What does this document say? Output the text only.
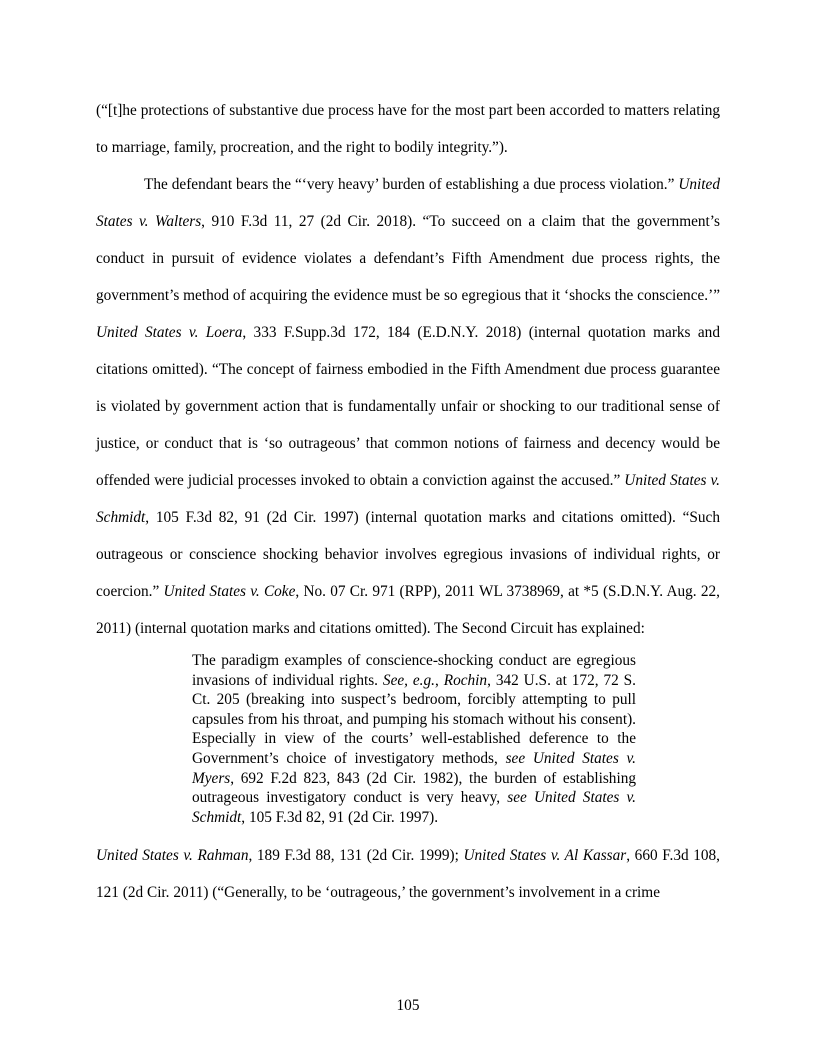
(“[t]he protections of substantive due process have for the most part been accorded to matters relating to marriage, family, procreation, and the right to bodily integrity.”).

The defendant bears the “‘very heavy’ burden of establishing a due process violation.” United States v. Walters, 910 F.3d 11, 27 (2d Cir. 2018). “To succeed on a claim that the government’s conduct in pursuit of evidence violates a defendant’s Fifth Amendment due process rights, the government’s method of acquiring the evidence must be so egregious that it ‘shocks the conscience.’” United States v. Loera, 333 F.Supp.3d 172, 184 (E.D.N.Y. 2018) (internal quotation marks and citations omitted). “The concept of fairness embodied in the Fifth Amendment due process guarantee is violated by government action that is fundamentally unfair or shocking to our traditional sense of justice, or conduct that is ‘so outrageous’ that common notions of fairness and decency would be offended were judicial processes invoked to obtain a conviction against the accused.” United States v. Schmidt, 105 F.3d 82, 91 (2d Cir. 1997) (internal quotation marks and citations omitted). “Such outrageous or conscience shocking behavior involves egregious invasions of individual rights, or coercion.” United States v. Coke, No. 07 Cr. 971 (RPP), 2011 WL 3738969, at *5 (S.D.N.Y. Aug. 22, 2011) (internal quotation marks and citations omitted). The Second Circuit has explained:

The paradigm examples of conscience-shocking conduct are egregious invasions of individual rights. See, e.g., Rochin, 342 U.S. at 172, 72 S. Ct. 205 (breaking into suspect’s bedroom, forcibly attempting to pull capsules from his throat, and pumping his stomach without his consent). Especially in view of the courts’ well-established deference to the Government’s choice of investigatory methods, see United States v. Myers, 692 F.2d 823, 843 (2d Cir. 1982), the burden of establishing outrageous investigatory conduct is very heavy, see United States v. Schmidt, 105 F.3d 82, 91 (2d Cir. 1997).

United States v. Rahman, 189 F.3d 88, 131 (2d Cir. 1999); United States v. Al Kassar, 660 F.3d 108, 121 (2d Cir. 2011) (“Generally, to be ‘outrageous,’ the government’s involvement in a crime

105
